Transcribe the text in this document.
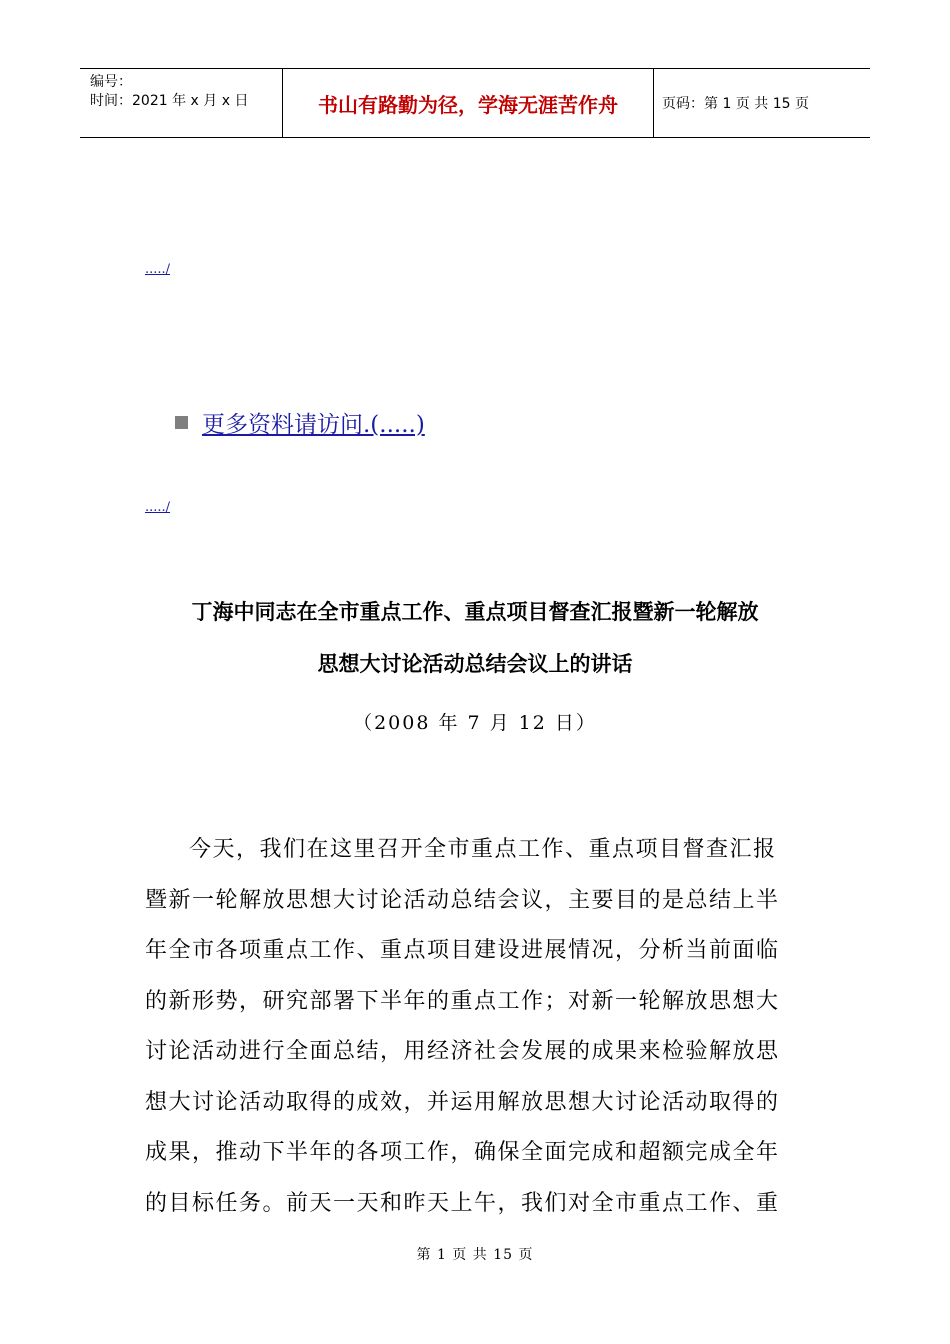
编号：
时间：2021 年 x 月 x 日	书山有路勤为径，学海无涯苦作舟	页码：第 1 页 共 15 页
...../
更多资料请访问.(.....)
...../
丁海中同志在全市重点工作、重点项目督查汇报暨新一轮解放
思想大讨论活动总结会议上的讲话
（2008 年 7 月 12 日）
今天，我们在这里召开全市重点工作、重点项目督查汇报
暨新一轮解放思想大讨论活动总结会议，主要目的是总结上半
年全市各项重点工作、重点项目建设进展情况，分析当前面临
的新形势，研究部署下半年的重点工作；对新一轮解放思想大
讨论活动进行全面总结，用经济社会发展的成果来检验解放思
想大讨论活动取得的成效，并运用解放思想大讨论活动取得的
成果，推动下半年的各项工作，确保全面完成和超额完成全年
的目标任务。前天一天和昨天上午，我们对全市重点工作、重
第 1 页 共 15 页
